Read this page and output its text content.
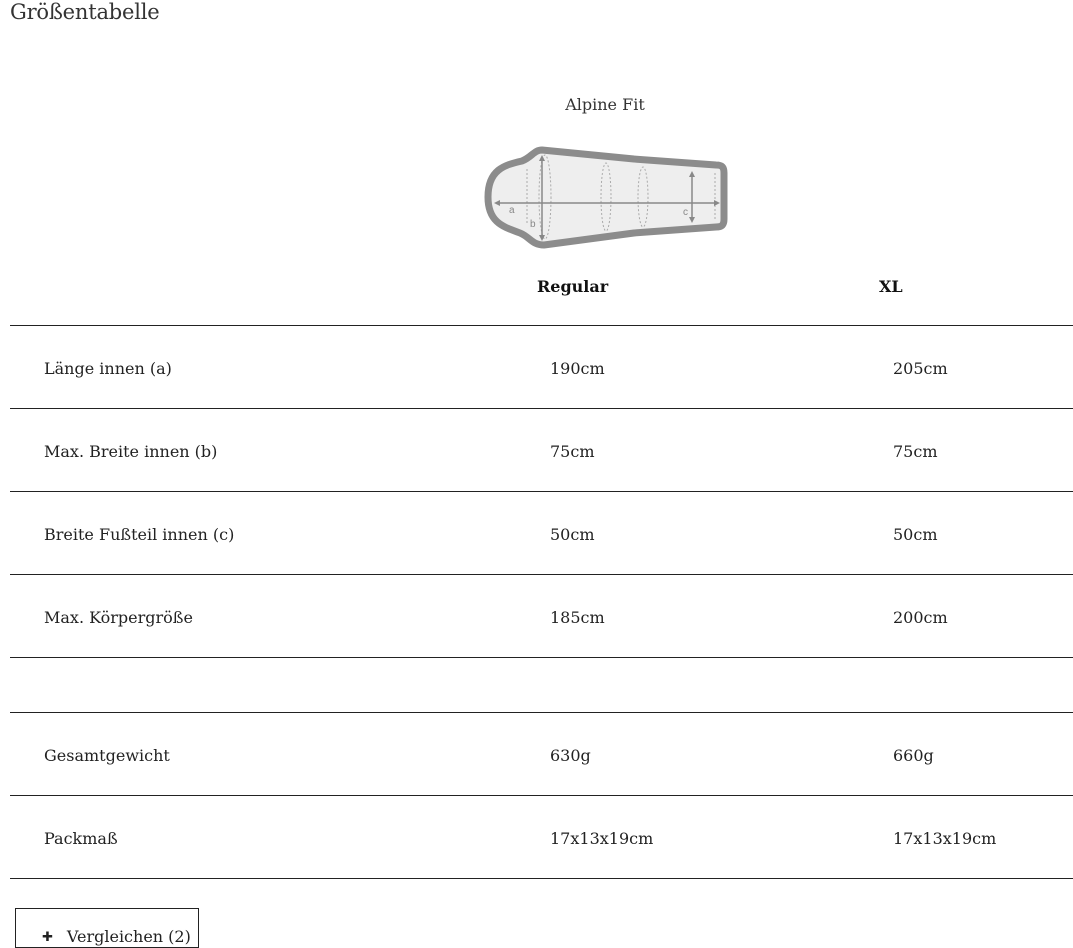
Größentabelle
Alpine Fit
a
b
c
Regular	XL
Länge innen (a)	190cm	205cm
Max. Breite innen (b)	75cm	75cm
Breite Fußteil innen (c)	50cm	50cm
Max. Körpergröße	185cm	200cm
Gesamtgewicht	630g	660g
Packmaß	17x13x19cm	17x13x19cm
✚ Vergleichen (2)
